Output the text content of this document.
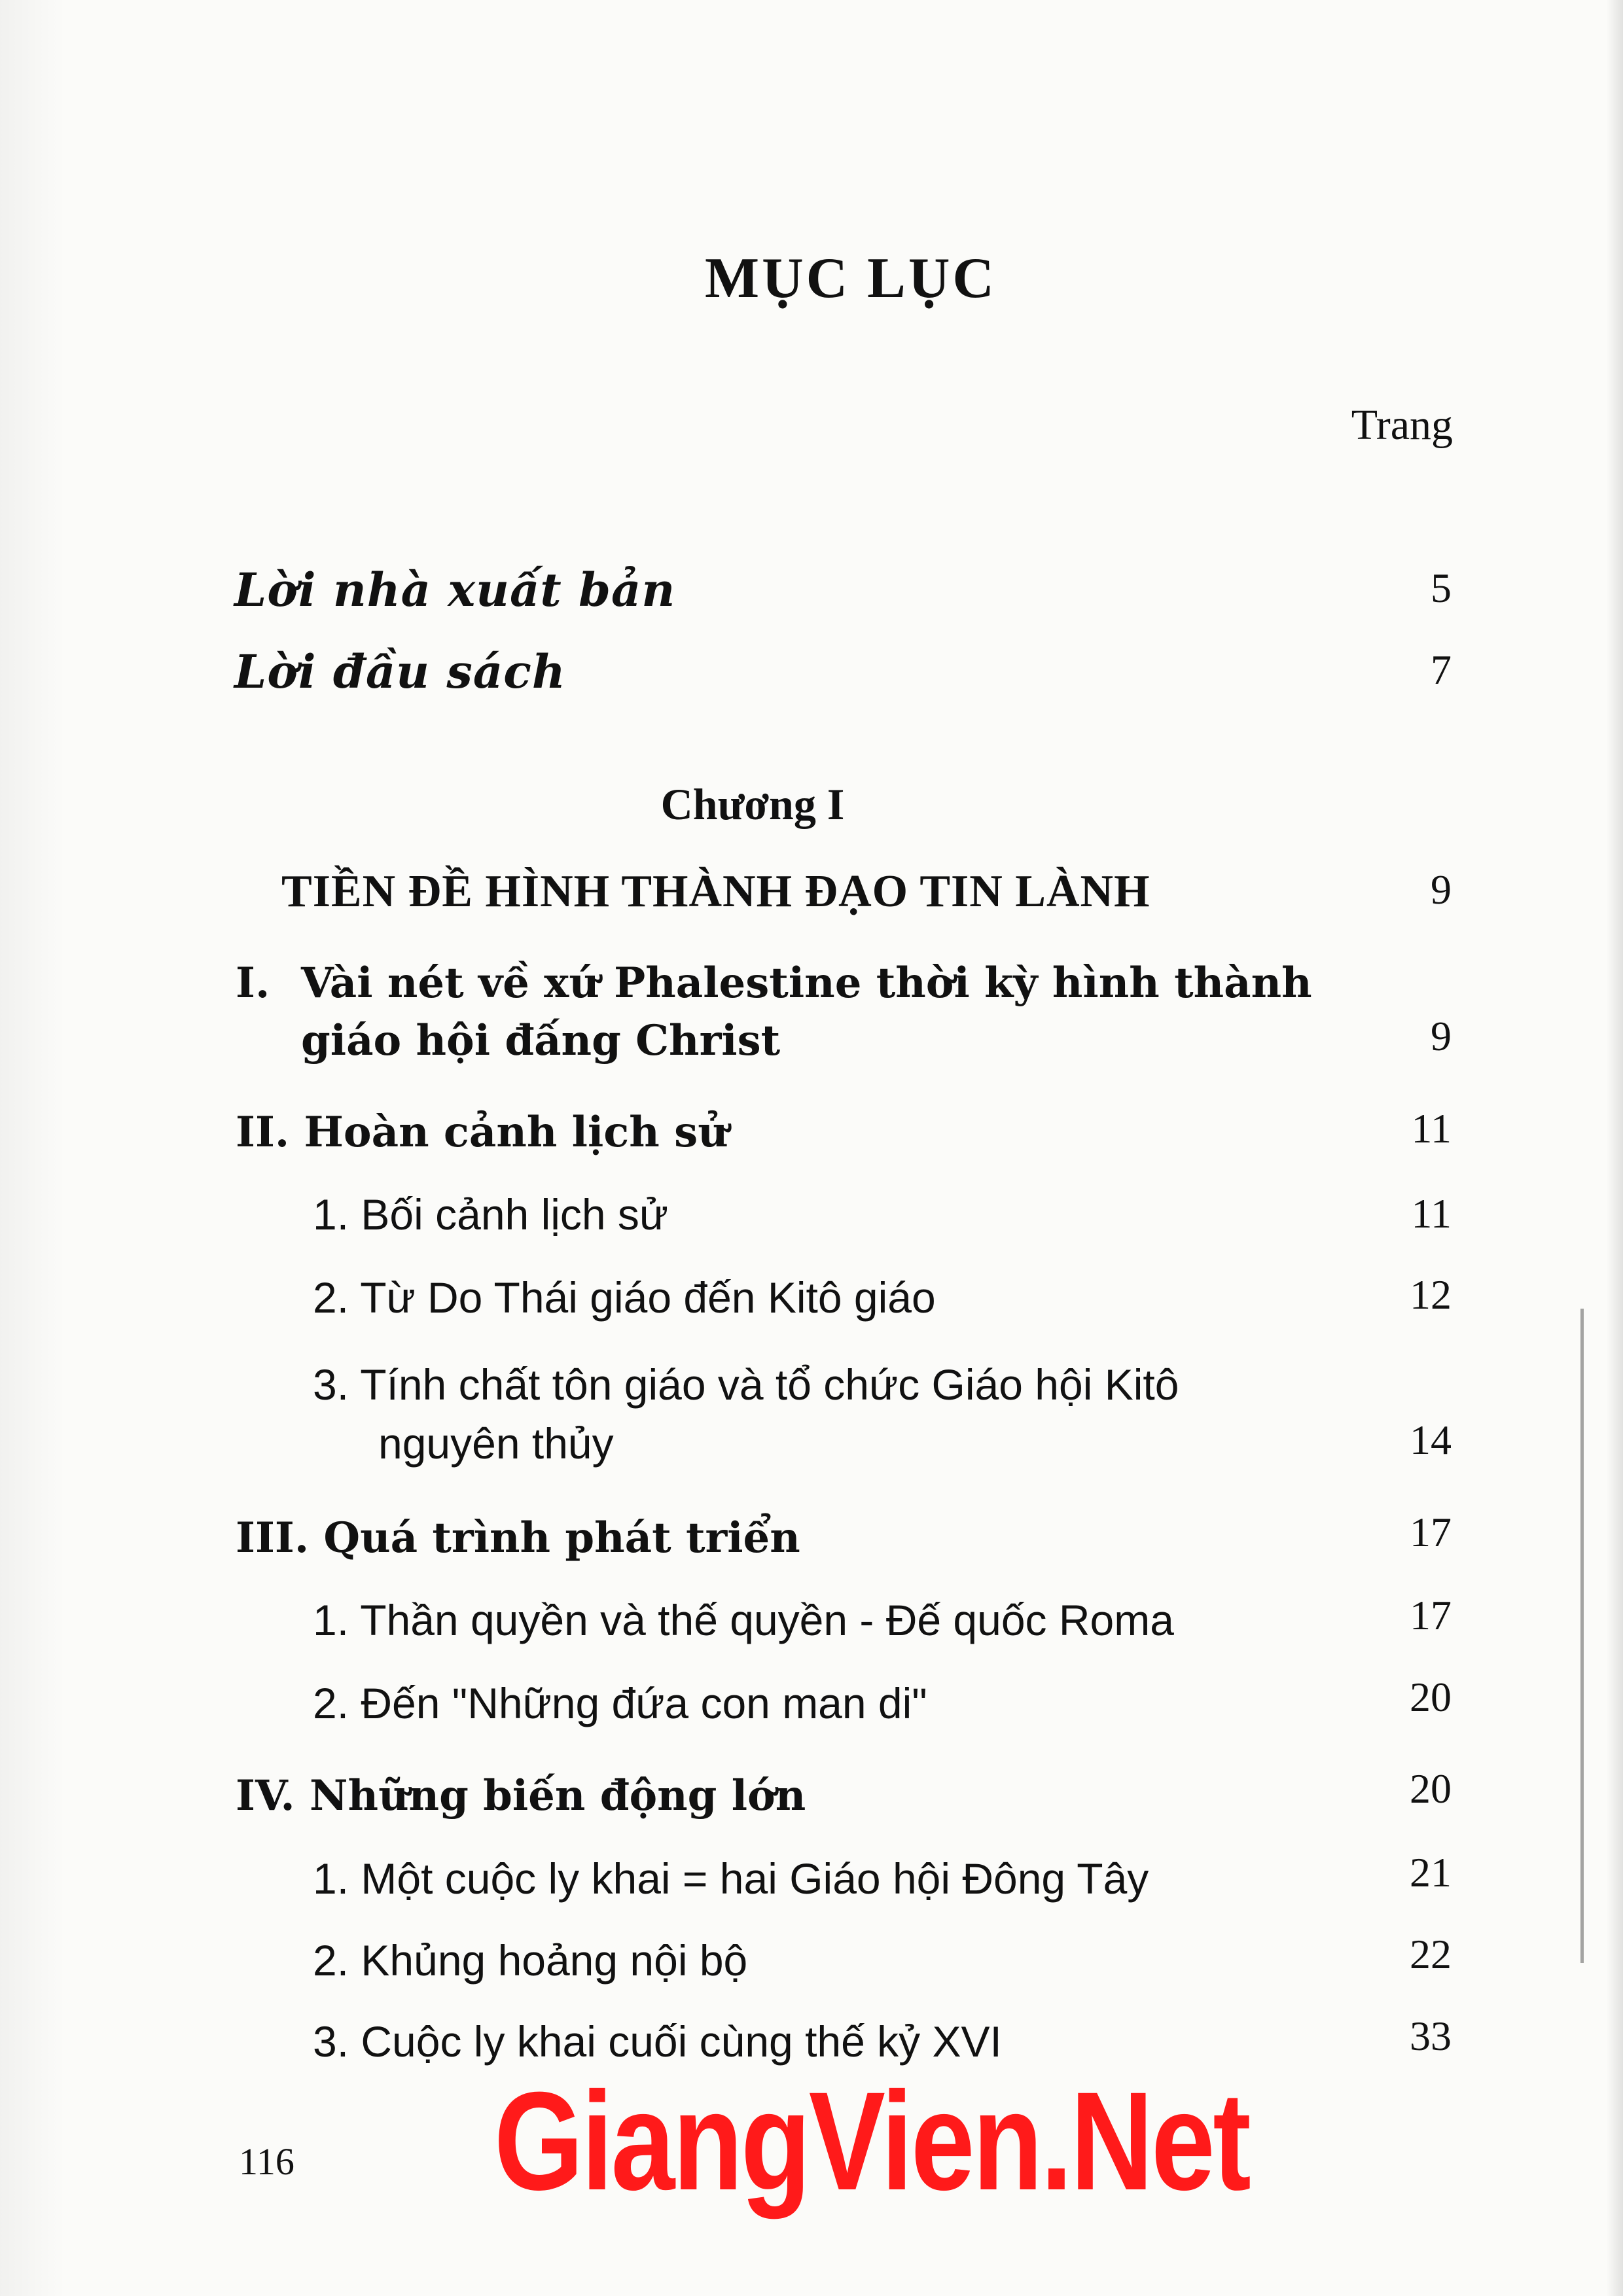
MỤC LỤC
Trang
Lời nhà xuất bản	5
Lời đầu sách	7
Chương I
TIỀN ĐỀ HÌNH THÀNH ĐẠO TIN LÀNH	9
I. Vài nét về xứ Phalestine thời kỳ hình thành
giáo hội đấng Christ	9
II. Hoàn cảnh lịch sử	11
1. Bối cảnh lịch sử	11
2. Từ Do Thái giáo đến Kitô giáo	12
3. Tính chất tôn giáo và tổ chức Giáo hội Kitô
nguyên thủy	14
III. Quá trình phát triển	17
1. Thần quyền và thế quyền - Đế quốc Roma	17
2. Đến "Những đứa con man di"	20
IV. Những biến động lớn	20
1. Một cuộc ly khai = hai Giáo hội Đông Tây	21
2. Khủng hoảng nội bộ	22
3. Cuộc ly khai cuối cùng thế kỷ XVI	33
116 GiangVien.Net
